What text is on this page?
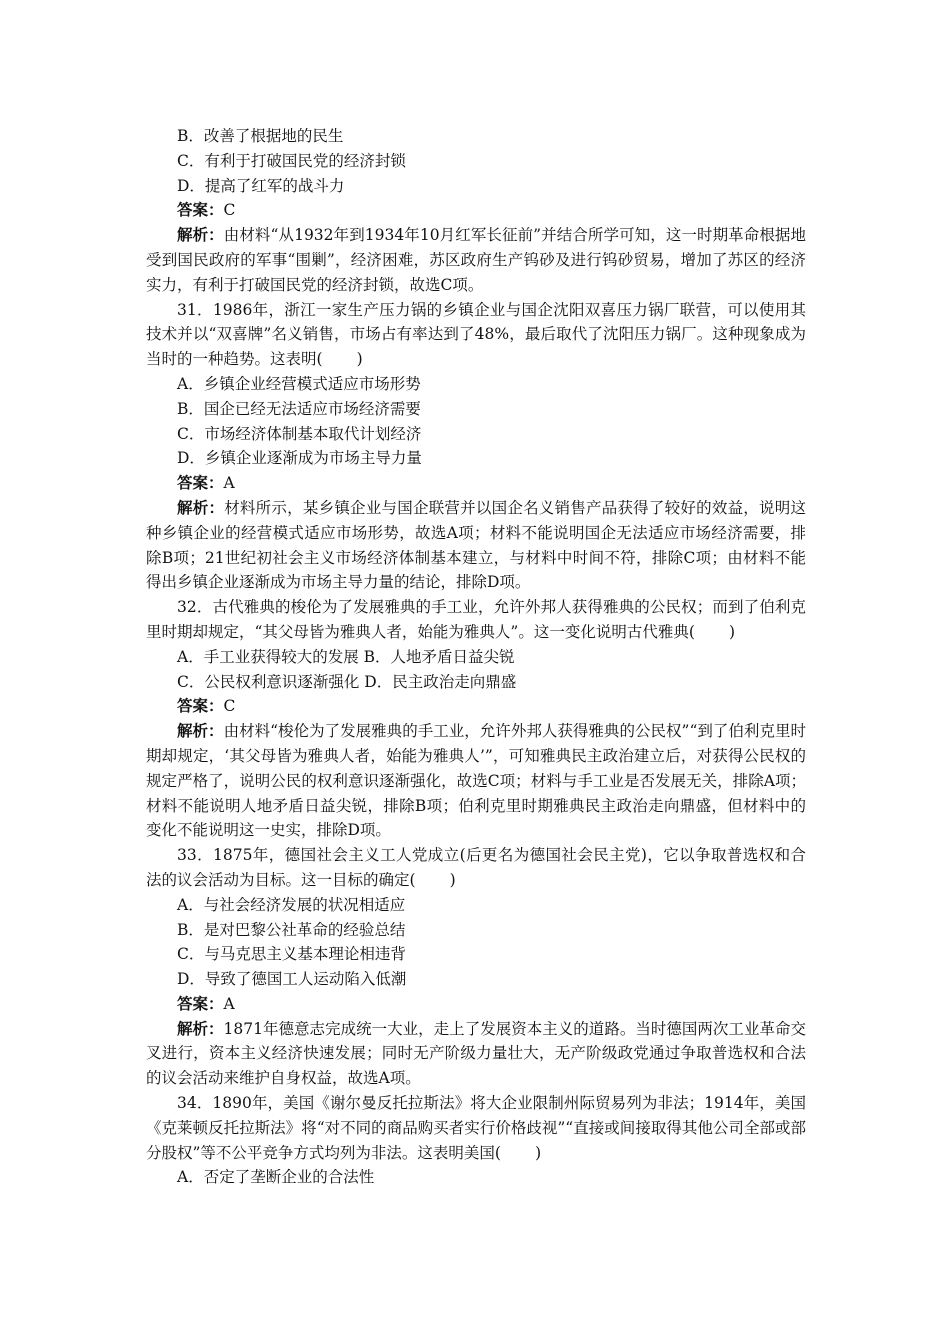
B．改善了根据地的民生

C．有利于打破国民党的经济封锁

D．提高了红军的战斗力

答案：C

解析：由材料“从1932年到1934年10月红军长征前”并结合所学可知，这一时期革命根据地受到国民政府的军事“围剿”，经济困难，苏区政府生产钨砂及进行钨砂贸易，增加了苏区的经济实力，有利于打破国民党的经济封锁，故选C项。

31．1986年，浙江一家生产压力锅的乡镇企业与国企沈阳双喜压力锅厂联营，可以使用其技术并以“双喜牌”名义销售，市场占有率达到了48%，最后取代了沈阳压力锅厂。这种现象成为当时的一种趋势。这表明( )

A．乡镇企业经营模式适应市场形势

B．国企已经无法适应市场经济需要

C．市场经济体制基本取代计划经济

D．乡镇企业逐渐成为市场主导力量

答案：A

解析：材料所示，某乡镇企业与国企联营并以国企名义销售产品获得了较好的效益，说明这种乡镇企业的经营模式适应市场形势，故选A项；材料不能说明国企无法适应市场经济需要，排除B项；21世纪初社会主义市场经济体制基本建立，与材料中时间不符，排除C项；由材料不能得出乡镇企业逐渐成为市场主导力量的结论，排除D项。

32．古代雅典的梭伦为了发展雅典的手工业，允许外邦人获得雅典的公民权；而到了伯利克里时期却规定，“其父母皆为雅典人者，始能为雅典人”。这一变化说明古代雅典( )

A．手工业获得较大的发展 B．人地矛盾日益尖锐

C．公民权利意识逐渐强化 D．民主政治走向鼎盛

答案：C

解析：由材料“梭伦为了发展雅典的手工业，允许外邦人获得雅典的公民权”“到了伯利克里时期却规定，‘其父母皆为雅典人者，始能为雅典人’”，可知雅典民主政治建立后，对获得公民权的规定严格了，说明公民的权利意识逐渐强化，故选C项；材料与手工业是否发展无关，排除A项；材料不能说明人地矛盾日益尖锐，排除B项；伯利克里时期雅典民主政治走向鼎盛，但材料中的变化不能说明这一史实，排除D项。

33．1875年，德国社会主义工人党成立(后更名为德国社会民主党)，它以争取普选权和合法的议会活动为目标。这一目标的确定( )

A．与社会经济发展的状况相适应

B．是对巴黎公社革命的经验总结

C．与马克思主义基本理论相违背

D．导致了德国工人运动陷入低潮

答案：A

解析：1871年德意志完成统一大业，走上了发展资本主义的道路。当时德国两次工业革命交叉进行，资本主义经济快速发展；同时无产阶级力量壮大，无产阶级政党通过争取普选权和合法的议会活动来维护自身权益，故选A项。

34．1890年，美国《谢尔曼反托拉斯法》将大企业限制州际贸易列为非法；1914年，美国《克莱顿反托拉斯法》将“对不同的商品购买者实行价格歧视”“直接或间接取得其他公司全部或部分股权”等不公平竞争方式均列为非法。这表明美国( )

A．否定了垄断企业的合法性
